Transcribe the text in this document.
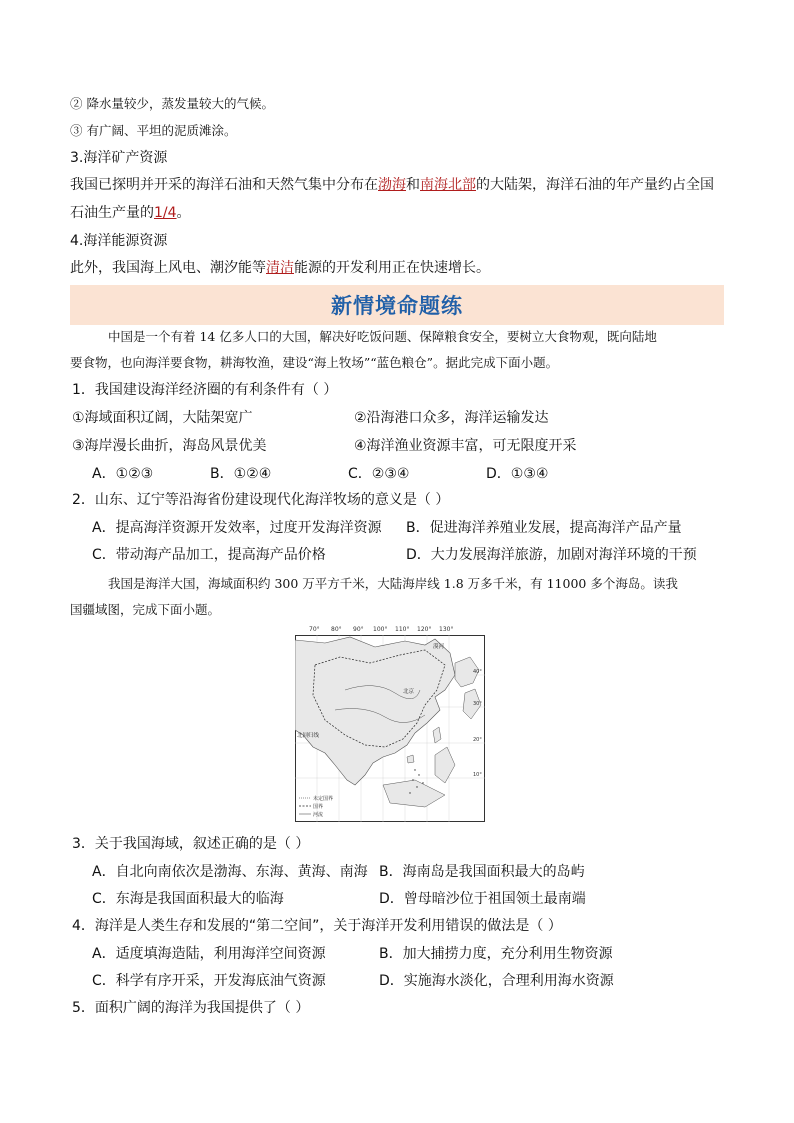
② 降水量较少，蒸发量较大的气候。
③ 有广阔、平坦的泥质滩涂。
3.海洋矿产资源
我国已探明并开采的海洋石油和天然气集中分布在渤海和南海北部的大陆架，海洋石油的年产量约占全国
石油生产量的1/4。
4.海洋能源资源
此外，我国海上风电、潮汐能等清洁能源的开发利用正在快速增长。
新情境命题练
中国是一个有着 14 亿多人口的大国，解决好吃饭问题、保障粮食安全，要树立大食物观，既向陆地
要食物，也向海洋要食物，耕海牧渔，建设“海上牧场”“蓝色粮仓”。据此完成下面小题。
1．我国建设海洋经济圈的有利条件有（ ）
①海域面积辽阔，大陆架宽广	②沿海港口众多，海洋运输发达
③海岸漫长曲折，海岛风景优美	④海洋渔业资源丰富，可无限度开采
A．①②③	B．①②④	C．②③④	D．①③④
2．山东、辽宁等沿海省份建设现代化海洋牧场的意义是（ ）
A．提高海洋资源开发效率，过度开发海洋资源 B．促进海洋养殖业发展，提高海洋产品产量
C．带动海产品加工，提高海产品价格	D．大力发展海洋旅游，加剧对海洋环境的干预
我国是海洋大国，海域面积约 300 万平方千米，大陆海岸线 1.8 万多千米，有 11000 多个海岛。读我
国疆域图，完成下面小题。
漠河
北京
北回归线
40°
30°
20°
10°
未定国界
国界
河流
70° 80° 90° 100° 110° 120° 130°
3．关于我国海域，叙述正确的是（ ）
A．自北向南依次是渤海、东海、黄海、南海 B．海南岛是我国面积最大的岛屿
C．东海是我国面积最大的临海	D．曾母暗沙位于祖国领土最南端
4．海洋是人类生存和发展的“第二空间”，关于海洋开发利用错误的做法是（ ）
A．适度填海造陆，利用海洋空间资源	B．加大捕捞力度，充分利用生物资源
C．科学有序开采，开发海底油气资源	D．实施海水淡化，合理利用海水资源
5．面积广阔的海洋为我国提供了（ ）
